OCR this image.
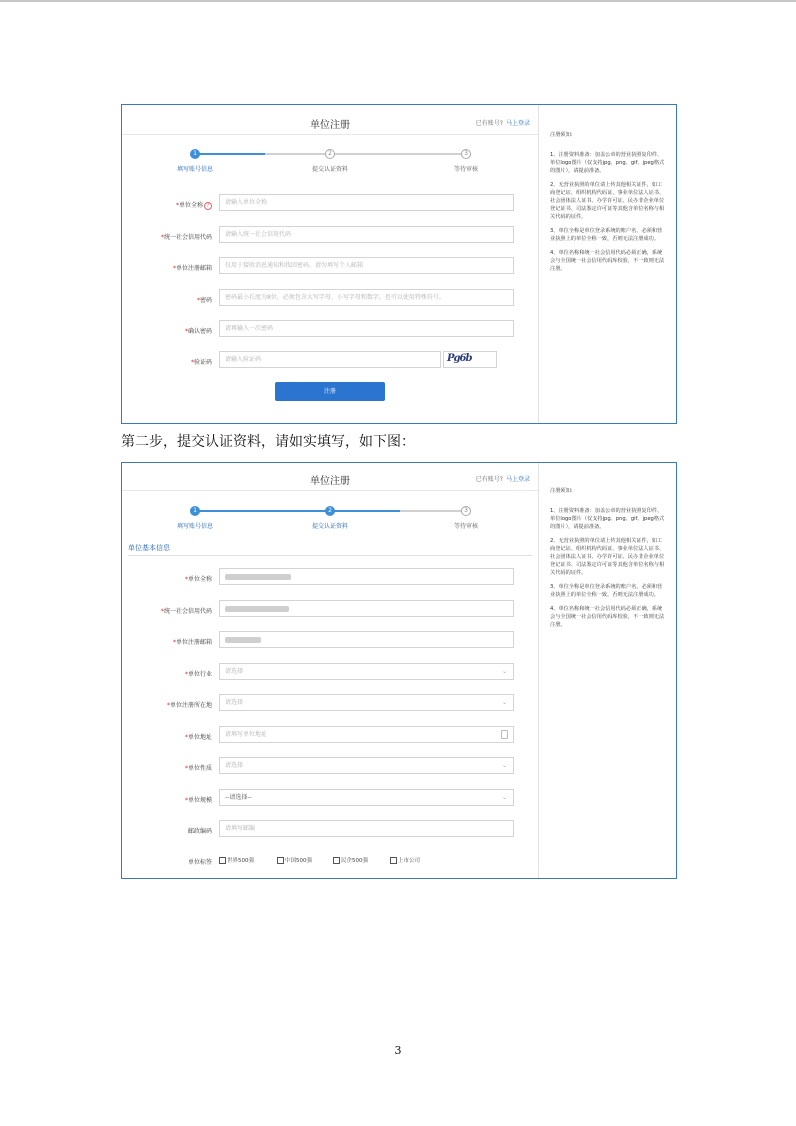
单位注册	已有账号? 马上登录
1	2	3
填写账号信息	提交认证资料	等待审核
*单位全称 ?	请输入单位全称
*统一社会信用代码	请输入统一社会信用代码
*单位注册邮箱	仅用于接收消息通知和找回密码，请勿填写个人邮箱
*密码	密码最小长度为8位，必须包含大写字母、小写字母和数字，也可以使用特殊符号。
*确认密码	请再输入一次密码
*验证码	请输入验证码	Pg6b
注册

注册须知:

1、注册资料准备：加盖公章的营业执照复印件、单位logo图片（仅支持jpg、png、gif、jpeg格式的图片），请提前准备。

2、无营业执照的单位请上传其他相关证件，如工商登记证、组织机构代码证、事业单位法人证书、社会团体法人证书、办学许可证、民办非企业单位登记证书、司法鉴定许可证等其他含单位名称与相关代码的证件。

3、单位全称是单位登录系统的账户名，必须和营业执照上的单位全称一致，否则无法注册成功。

4、单位名称和统一社会信用代码必须正确，系统会与全国统一社会信用代码库校验，不一致则无法注册。

第二步，提交认证资料，请如实填写，如下图：
单位注册	已有账号? 马上登录
1	2	3
填写账号信息	提交认证资料	等待审核
单位基本信息
*单位全称
*统一社会信用代码
*单位注册邮箱
*单位行业	请选择	⌄
*单位注册所在地	请选择	⌄
*单位地址	请填写单位地址
*单位性质	请选择	⌄
*单位规模	--请选择--	⌄
邮政编码	请填写邮编
单位标签	世界500强	中国500强	民企500强	上市公司

注册须知:

1、注册资料准备：加盖公章的营业执照复印件、单位logo图片（仅支持jpg、png、gif、jpeg格式的图片），请提前准备。

2、无营业执照的单位请上传其他相关证件，如工商登记证、组织机构代码证、事业单位法人证书、社会团体法人证书、办学许可证、民办非企业单位登记证书、司法鉴定许可证等其他含单位名称与相关代码的证件。

3、单位全称是单位登录系统的账户名，必须和营业执照上的单位全称一致，否则无法注册成功。

4、单位名称和统一社会信用代码必须正确，系统会与全国统一社会信用代码库校验，不一致则无法注册。

3
